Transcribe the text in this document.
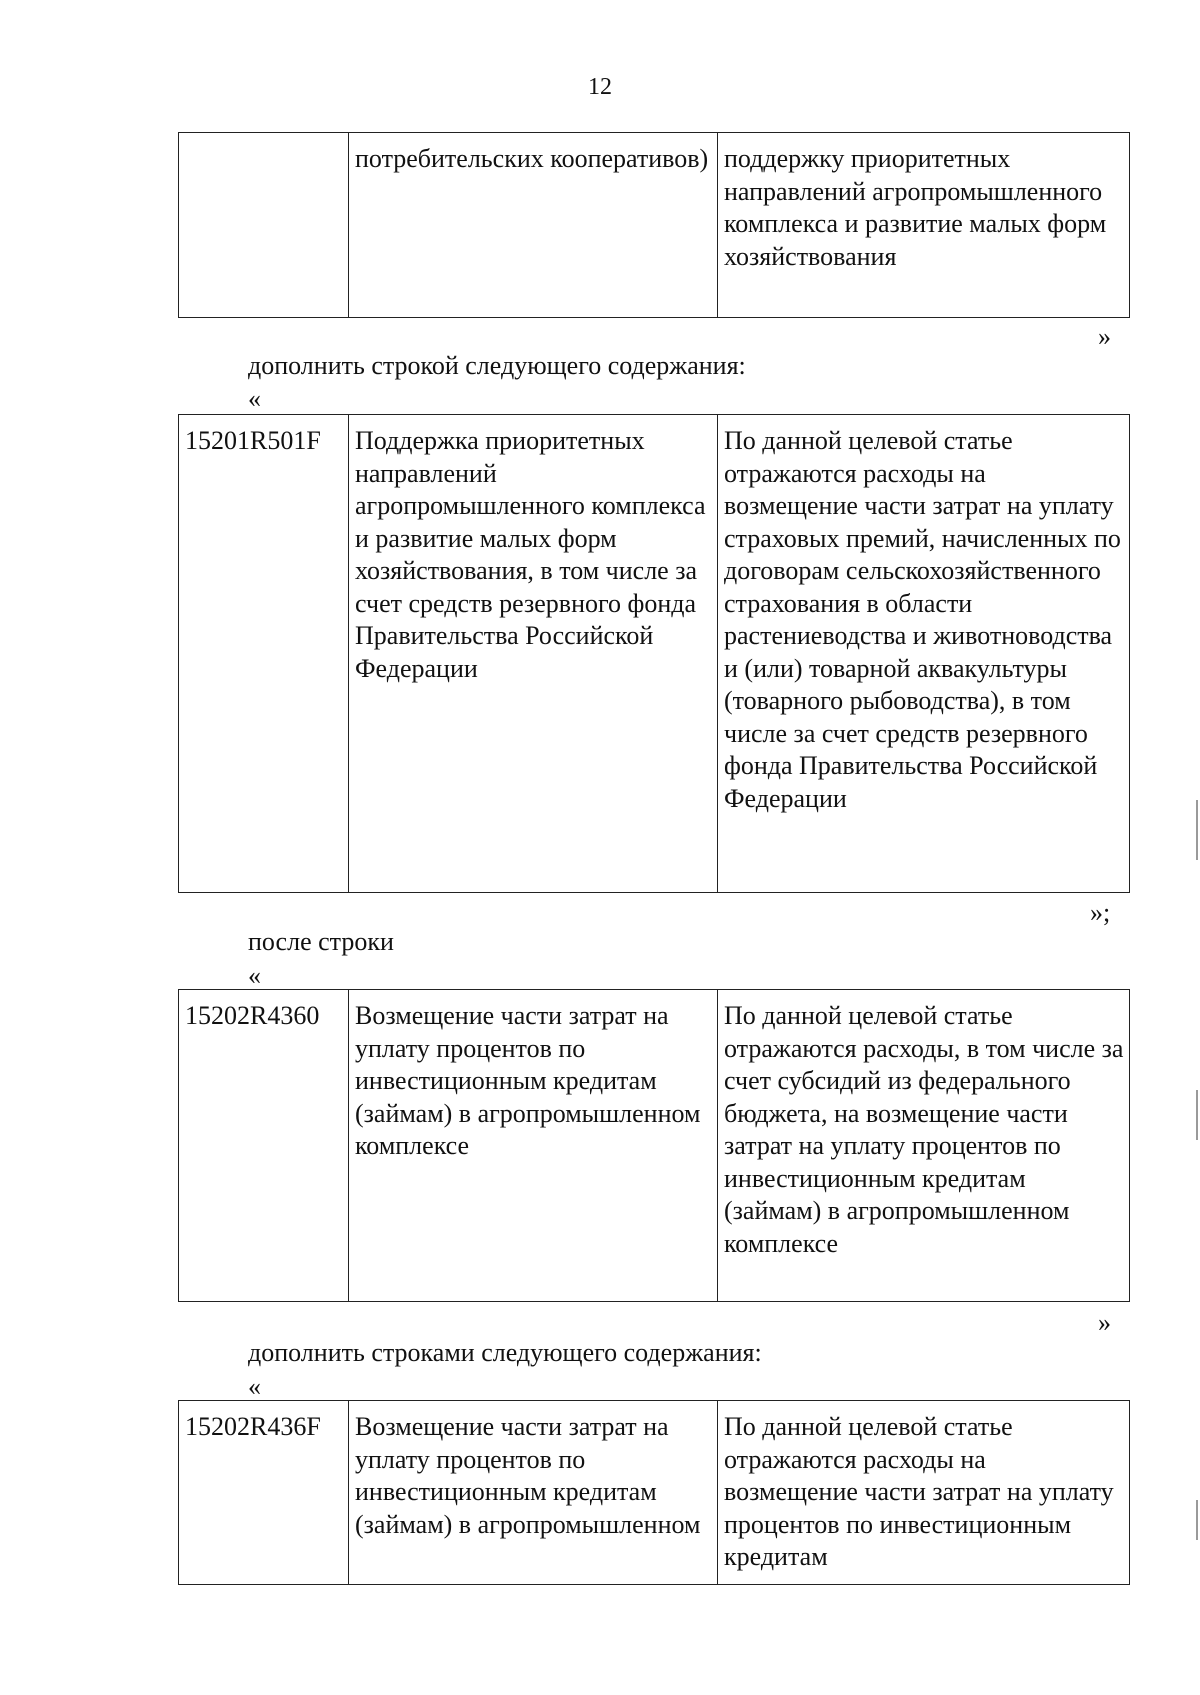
12
	потребительских кооперативов)	поддержку приоритетных направлений агропромышленного комплекса и развитие малых форм хозяйствования
»
дополнить строкой следующего содержания:
«
15201R501F	Поддержка приоритетных направлений агропромышленного комплекса и развитие малых форм хозяйствования, в том числе за счет средств резервного фонда Правительства Российской Федерации	По данной целевой статье отражаются расходы на возмещение части затрат на уплату страховых премий, начисленных по договорам сельскохозяйственного страхования в области растениеводства и животноводства и (или) товарной аквакультуры (товарного рыбоводства), в том числе за счет средств резервного фонда Правительства Российской Федерации
»;
после строки
«
15202R4360	Возмещение части затрат на уплату процентов по инвестиционным кредитам (займам) в агропромышленном комплексе	По данной целевой статье отражаются расходы, в том числе за счет субсидий из федерального бюджета, на возмещение части затрат на уплату процентов по инвестиционным кредитам (займам) в агропромышленном комплексе
»
дополнить строками следующего содержания:
«
15202R436F	Возмещение части затрат на уплату процентов по инвестиционным кредитам (займам) в агропромышленном	По данной целевой статье отражаются расходы на возмещение части затрат на уплату процентов по инвестиционным кредитам
